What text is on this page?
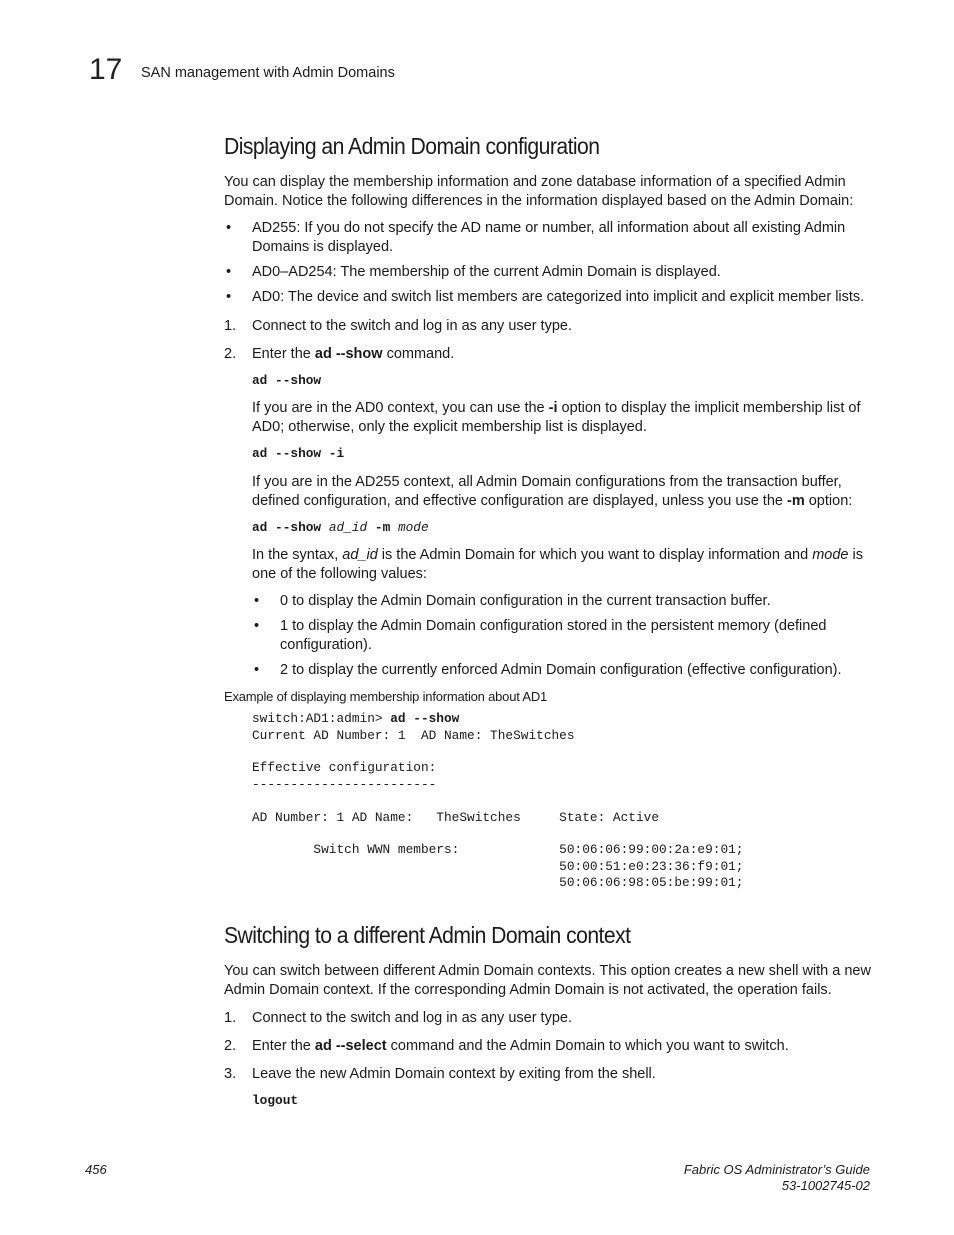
17 SAN management with Admin Domains
Displaying an Admin Domain configuration

You can display the membership information and zone database information of a specified Admin Domain. Notice the following differences in the information displayed based on the Admin Domain:

• AD255: If you do not specify the AD name or number, all information about all existing Admin Domains is displayed.
• AD0–AD254: The membership of the current Admin Domain is displayed.
• AD0: The device and switch list members are categorized into implicit and explicit member lists.
1. Connect to the switch and log in as any user type.
2. Enter the ad --show command.
ad --show

If you are in the AD0 context, you can use the -i option to display the implicit membership list of AD0; otherwise, only the explicit membership list is displayed.

ad --show -i

If you are in the AD255 context, all Admin Domain configurations from the transaction buffer, defined configuration, and effective configuration are displayed, unless you use the -m option:

ad --show ad_id -m mode

In the syntax, ad_id is the Admin Domain for which you want to display information and mode is one of the following values:

• 0 to display the Admin Domain configuration in the current transaction buffer.
• 1 to display the Admin Domain configuration stored in the persistent memory (defined configuration).
• 2 to display the currently enforced Admin Domain configuration (effective configuration).
Example of displaying membership information about AD1
switch:AD1:admin> ad --show
Current AD Number: 1  AD Name: TheSwitches

Effective configuration:
------------------------

AD Number: 1 AD Name:   TheSwitches     State: Active

Switch WWN members:             50:06:06:99:00:2a:e9:01;
50:00:51:e0:23:36:f9:01;
50:06:06:98:05:be:99:01;
Switching to a different Admin Domain context

You can switch between different Admin Domain contexts. This option creates a new shell with a new Admin Domain context. If the corresponding Admin Domain is not activated, the operation fails.

1. Connect to the switch and log in as any user type.
2. Enter the ad --select command and the Admin Domain to which you want to switch.
3. Leave the new Admin Domain context by exiting from the shell.
logout
456	Fabric OS Administrator’s Guide
53-1002745-02
